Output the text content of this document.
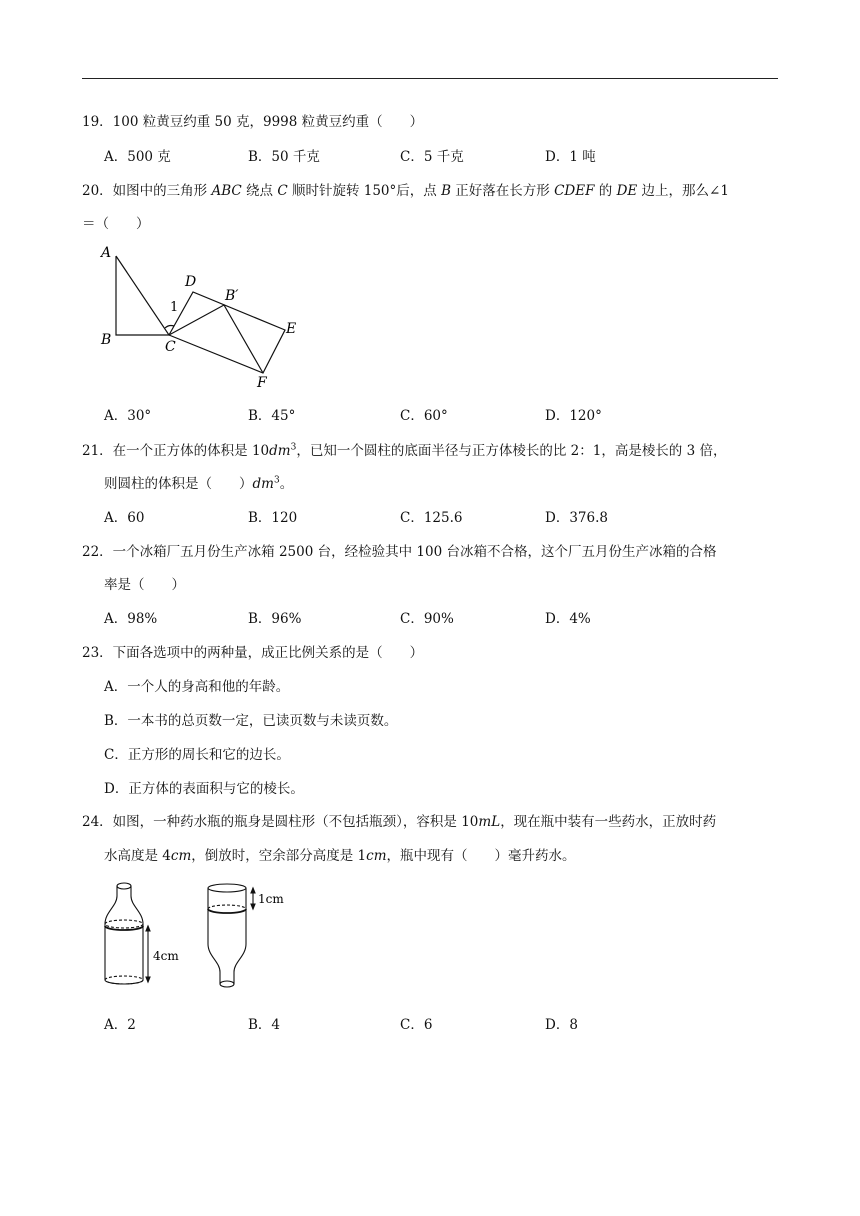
19．100 粒黄豆约重 50 克，9998 粒黄豆约重（　　）
A．500 克	B．50 千克	C．5 千克	D．1 吨
20．如图中的三角形 ABC 绕点 C 顺时针旋转 150°后，点 B 正好落在长方形 CDEF 的 DE 边上，那么∠1
＝（　　）
A
B	C
D
B′
E
F
1
A．30°	B．45°	C．60°	D．120°
21．在一个正方体的体积是 $10dm^3$，已知一个圆柱的底面半径与正方体棱长的比 2：1，高是棱长的 3 倍，
则圆柱的体积是（　　）$dm^3$。
A．60	B．120	C．125.6	D．376.8
22．一个冰箱厂五月份生产冰箱 2500 台，经检验其中 100 台冰箱不合格，这个厂五月份生产冰箱的合格
率是（　　）
A．98%	B．96%	C．90%	D．4%
23．下面各选项中的两种量，成正比例关系的是（　　）
A．一个人的身高和他的年龄。
B．一本书的总页数一定，已读页数与未读页数。
C．正方形的周长和它的边长。
D．正方体的表面积与它的棱长。
24．如图，一种药水瓶的瓶身是圆柱形（不包括瓶颈），容积是 10mL，现在瓶中装有一些药水，正放时药
水高度是 4cm，倒放时，空余部分高度是 1cm，瓶中现有（　　）毫升药水。
4cm
1cm
A．2	B．4	C．6	D．8
